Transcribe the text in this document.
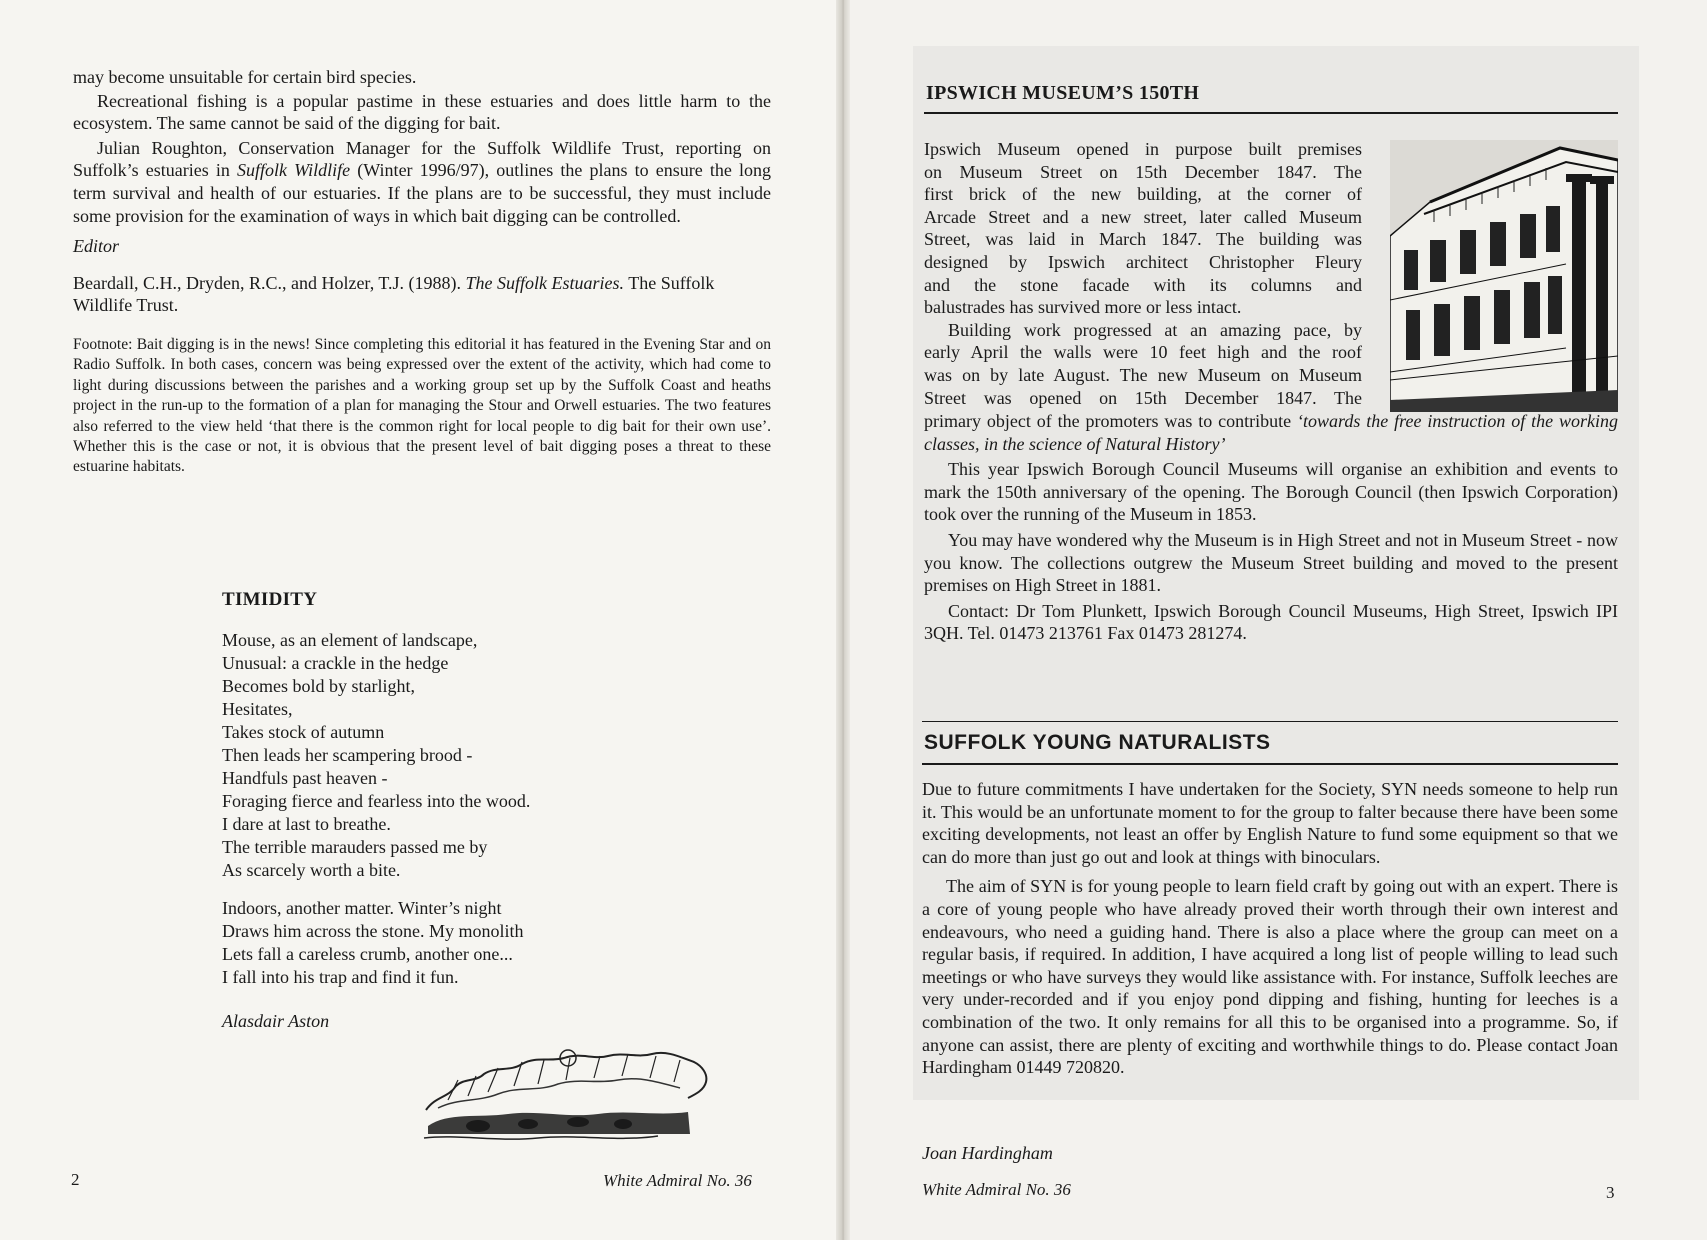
may become unsuitable for certain bird species.

Recreational fishing is a popular pastime in these estuaries and does little harm to the ecosystem. The same cannot be said of the digging for bait.

Julian Roughton, Conservation Manager for the Suffolk Wildlife Trust, reporting on Suffolk’s estuaries in Suffolk Wildlife (Winter 1996/97), outlines the plans to ensure the long term survival and health of our estuaries. If the plans are to be successful, they must include some provision for the examination of ways in which bait digging can be controlled.

Editor

Beardall, C.H., Dryden, R.C., and Holzer, T.J. (1988). The Suffolk Estuaries. The Suffolk Wildlife Trust.

Footnote: Bait digging is in the news! Since completing this editorial it has featured in the Evening Star and on Radio Suffolk. In both cases, concern was being expressed over the extent of the activity, which had come to light during discussions between the parishes and a working group set up by the Suffolk Coast and heaths project in the run-up to the formation of a plan for managing the Stour and Orwell estuaries. The two features also referred to the view held ‘that there is the common right for local people to dig bait for their own use’. Whether this is the case or not, it is obvious that the present level of bait digging poses a threat to these estuarine habitats.

TIMIDITY
Mouse, as an element of landscape,
Unusual: a crackle in the hedge
Becomes bold by starlight,
Hesitates,
Takes stock of autumn
Then leads her scampering brood -
Handfuls past heaven -
Foraging fierce and fearless into the wood.
I dare at last to breathe.
The terrible marauders passed me by
As scarcely worth a bite.
Indoors, another matter. Winter’s night
Draws him across the stone. My monolith
Lets fall a careless crumb, another one...
I fall into his trap and find it fun.
Alasdair Aston
2	White Admiral No. 36
IPSWICH MUSEUM’S 150TH
Ipswich Museum opened in purpose built premises
on Museum Street on 15th December 1847. The
first brick of the new building, at the corner of
Arcade Street and a new street, later called Museum
Street, was laid in March 1847. The building was
designed by Ipswich architect Christopher Fleury
and the stone facade with its columns and
balustrades has survived more or less intact.
Building work progressed at an amazing pace, by
early April the walls were 10 feet high and the roof
was on by late August. The new Museum on Museum
Street was opened on 15th December 1847. The

primary object of the promoters was to contribute ‘towards the free instruction of the working classes, in the science of Natural History’

This year Ipswich Borough Council Museums will organise an exhibition and events to mark the 150th anniversary of the opening. The Borough Council (then Ipswich Corporation) took over the running of the Museum in 1853.

You may have wondered why the Museum is in High Street and not in Museum Street - now you know. The collections outgrew the Museum Street building and moved to the present premises on High Street in 1881.

Contact: Dr Tom Plunkett, Ipswich Borough Council Museums, High Street, Ipswich IPI 3QH. Tel. 01473 213761 Fax 01473 281274.

SUFFOLK YOUNG NATURALISTS

Due to future commitments I have undertaken for the Society, SYN needs someone to help run it. This would be an unfortunate moment to for the group to falter because there have been some exciting developments, not least an offer by English Nature to fund some equipment so that we can do more than just go out and look at things with binoculars.

The aim of SYN is for young people to learn field craft by going out with an expert. There is a core of young people who have already proved their worth through their own interest and endeavours, who need a guiding hand. There is also a place where the group can meet on a regular basis, if required. In addition, I have acquired a long list of people willing to lead such meetings or who have surveys they would like assistance with. For instance, Suffolk leeches are very under-recorded and if you enjoy pond dipping and fishing, hunting for leeches is a combination of the two. It only remains for all this to be organised into a programme. So, if anyone can assist, there are plenty of exciting and worthwhile things to do. Please contact Joan Hardingham 01449 720820.

Joan Hardingham
White Admiral No. 36	3
